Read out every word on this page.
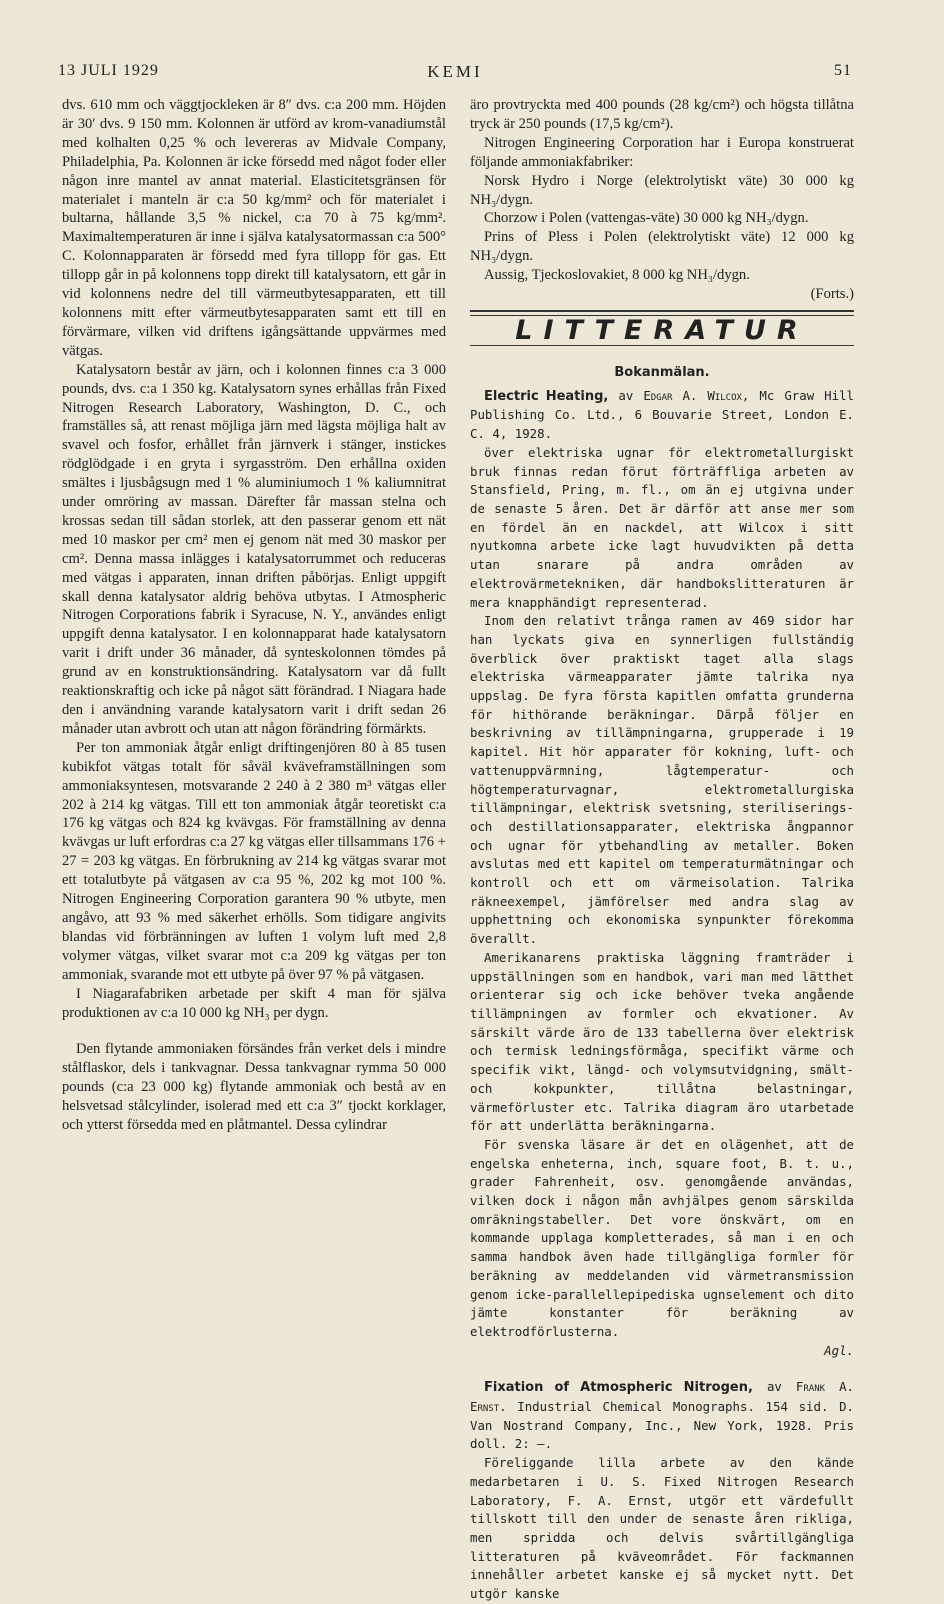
13 JULI 1929	KEMI	51

dvs. 610 mm och väggtjockleken är 8″ dvs. c:a 200 mm. Höjden är 30′ dvs. 9 150 mm. Kolonnen är utförd av krom-vanadiumstål med kolhalten 0,25 % och levereras av Midvale Company, Philadelphia, Pa. Kolonnen är icke försedd med något foder eller någon inre mantel av annat material. Elasticitetsgränsen för materialet i manteln är c:a 50 kg/mm² och för materialet i bultarna, hållande 3,5 % nickel, c:a 70 à 75 kg/mm². Maximaltemperaturen är inne i själva katalysatormassan c:a 500° C. Kolonnapparaten är försedd med fyra tillopp för gas. Ett tillopp går in på kolonnens topp direkt till katalysatorn, ett går in vid kolonnens nedre del till värmeutbytesapparaten, ett till kolonnens mitt efter värmeutbytesapparaten samt ett till en förvärmare, vilken vid driftens igångsättande uppvärmes med vätgas.

Katalysatorn består av järn, och i kolonnen finnes c:a 3 000 pounds, dvs. c:a 1 350 kg. Katalysatorn synes erhållas från Fixed Nitrogen Research Laboratory, Washington, D. C., och framställes så, att renast möjliga järn med lägsta möjliga halt av svavel och fosfor, erhållet från järnverk i stänger, instickes rödglödgade i en gryta i syrgasström. Den erhållna oxiden smältes i ljusbågsugn med 1 % aluminiumoch 1 % kaliumnitrat under omröring av massan. Därefter får massan stelna och krossas sedan till sådan storlek, att den passerar genom ett nät med 10 maskor per cm² men ej genom nät med 30 maskor per cm². Denna massa inlägges i katalysatorrummet och reduceras med vätgas i apparaten, innan driften påbörjas. Enligt uppgift skall denna katalysator aldrig behöva utbytas. I Atmospheric Nitrogen Corporations fabrik i Syracuse, N. Y., användes enligt uppgift denna katalysator. I en kolonnapparat hade katalysatorn varit i drift under 36 månader, då synteskolonnen tömdes på grund av en konstruktionsändring. Katalysatorn var då fullt reaktionskraftig och icke på något sätt förändrad. I Niagara hade den i användning varande katalysatorn varit i drift sedan 26 månader utan avbrott och utan att någon förändring förmärkts.

Per ton ammoniak åtgår enligt driftingenjören 80 à 85 tusen kubikfot vätgas totalt för såväl kväveframställningen som ammoniaksyntesen, motsvarande 2 240 à 2 380 m³ vätgas eller 202 à 214 kg vätgas. Till ett ton ammoniak åtgår teoretiskt c:a 176 kg vätgas och 824 kg kvävgas. För framställning av denna kvävgas ur luft erfordras c:a 27 kg vätgas eller tillsammans 176 + 27 = 203 kg vätgas. En förbrukning av 214 kg vätgas svarar mot ett totalutbyte på vätgasen av c:a 95 %, 202 kg mot 100 %. Nitrogen Engineering Corporation garantera 90 % utbyte, men angåvo, att 93 % med säkerhet erhölls. Som tidigare angivits blandas vid förbränningen av luften 1 volym luft med 2,8 volymer vätgas, vilket svarar mot c:a 209 kg vätgas per ton ammoniak, svarande mot ett utbyte på över 97 % på vätgasen.

I Niagarafabriken arbetade per skift 4 man för själva produktionen av c:a 10 000 kg NH₃ per dygn.

Den flytande ammoniaken försändes från verket dels i mindre stålflaskor, dels i tankvagnar. Dessa tankvagnar rymma 50 000 pounds (c:a 23 000 kg) flytande ammoniak och bestå av en helsvetsad stålcylinder, isolerad med ett c:a 3″ tjockt korklager, och ytterst försedda med en plåtmantel. Dessa cylindrar

äro provtryckta med 400 pounds (28 kg/cm²) och högsta tillåtna tryck är 250 pounds (17,5 kg/cm²).

Nitrogen Engineering Corporation har i Europa konstruerat följande ammoniakfabriker:

Norsk Hydro i Norge (elektrolytiskt väte) 30 000 kg NH₃/dygn.

Chorzow i Polen (vattengas-väte) 30 000 kg NH₃/dygn.

Prins of Pless i Polen (elektrolytiskt väte) 12 000 kg NH₃/dygn.

Aussig, Tjeckoslovakiet, 8 000 kg NH₃/dygn.

(Forts.)

LITTERATUR
Bokanmälan.

Electric Heating, av Edgar A. Wilcox, Mc Graw Hill Publishing Co. Ltd., 6 Bouvarie Street, London E. C. 4, 1928.

över elektriska ugnar för elektrometallurgiskt bruk finnas redan förut förträffliga arbeten av Stansfield, Pring, m. fl., om än ej utgivna under de senaste 5 åren. Det är därför att anse mer som en fördel än en nackdel, att Wilcox i sitt nyutkomna arbete icke lagt huvudvikten på detta utan snarare på andra områden av elektrovärmetekniken, där handbokslitteraturen är mera knapphändigt representerad.

Inom den relativt trånga ramen av 469 sidor har han lyckats giva en synnerligen fullständig överblick över praktiskt taget alla slags elektriska värmeapparater jämte talrika nya uppslag. De fyra första kapitlen omfatta grunderna för hithörande beräkningar. Därpå följer en beskrivning av tillämpningarna, grupperade i 19 kapitel. Hit hör apparater för kokning, luft- och vattenuppvärmning, lågtemperatur- och högtemperaturvagnar, elektrometallurgiska tillämpningar, elektrisk svetsning, steriliserings- och destillationsapparater, elektriska ångpannor och ugnar för ytbehandling av metaller. Boken avslutas med ett kapitel om temperaturmätningar och kontroll och ett om värmeisolation. Talrika räkneexempel, jämförelser med andra slag av upphettning och ekonomiska synpunkter förekomma överallt.

Amerikanarens praktiska läggning framträder i uppställningen som en handbok, vari man med lätthet orienterar sig och icke behöver tveka angående tillämpningen av formler och ekvationer. Av särskilt värde äro de 133 tabellerna över elektrisk och termisk ledningsförmåga, specifikt värme och specifik vikt, längd- och volymsutvidgning, smält- och kokpunkter, tillåtna belastningar, värmeförluster etc. Talrika diagram äro utarbetade för att underlätta beräkningarna.

För svenska läsare är det en olägenhet, att de engelska enheterna, inch, square foot, B. t. u., grader Fahrenheit, osv. genomgående användas, vilken dock i någon mån avhjälpes genom särskilda omräkningstabeller. Det vore önskvärt, om en kommande upplaga kompletterades, så man i en och samma handbok även hade tillgängliga formler för beräkning av meddelanden vid värmetransmission genom icke-parallellepipediska ugnselement och dito jämte konstanter för beräkning av elektrodförlusterna.

Agl.

Fixation of Atmospheric Nitrogen, av Frank A. Ernst. Industrial Chemical Monographs. 154 sid. D. Van Nostrand Company, Inc., New York, 1928. Pris doll. 2: —.

Föreliggande lilla arbete av den kände medarbetaren i U. S. Fixed Nitrogen Research Laboratory, F. A. Ernst, utgör ett värdefullt tillskott till den under de senaste åren rikliga, men spridda och delvis svårtillgängliga litteraturen på kväveområdet. För fackmannen innehåller arbetet kanske ej så mycket nytt. Det utgör kanske
